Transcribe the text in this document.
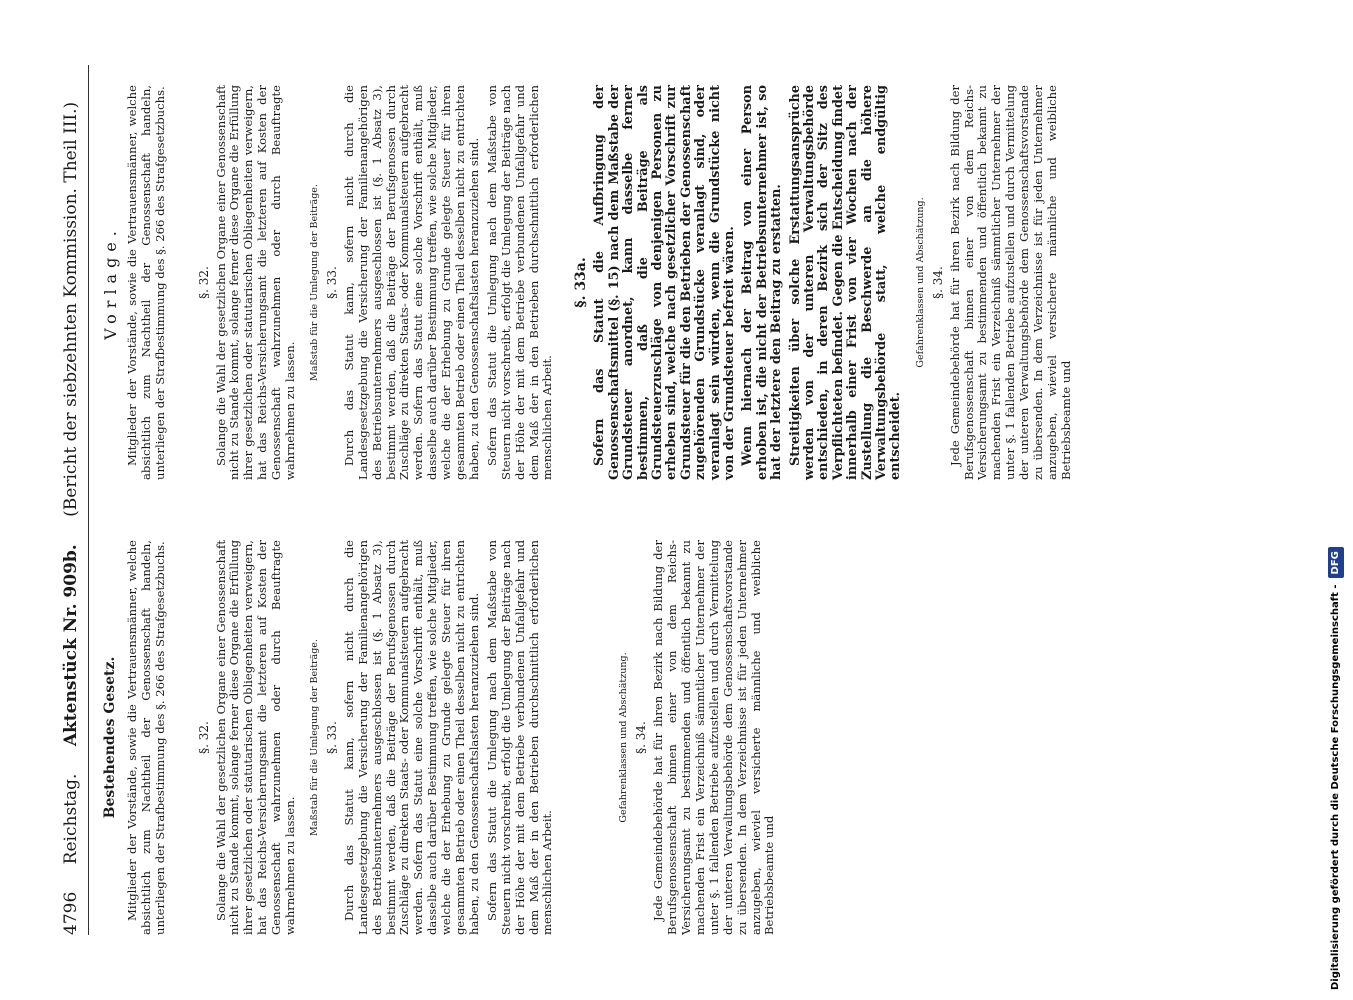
4796 Reichstag. Aktenstück Nr. 909b. (Bericht der siebzehnten Kommission. Theil III.)
Bestehendes Gesetz. Mitglieder der Vorstände, sowie die Vertrauensmänner, welche absichtlich zum Nachtheil der Genossenschaft handeln, unterliegen der Strafbestimmung des §. 266 des Strafgesetzbuchs. §. 32. Solange die Wahl der gesetzlichen Organe einer Genossenschaft nicht zu Stande kommt, solange ferner diese Organe die Erfüllung ihrer gesetzlichen oder statutarischen Obliegenheiten verweigern, hat das Reichs-Versicherungsamt die letzteren auf Kosten der Genossenschaft wahrzunehmen oder durch Beauftragte wahrnehmen zu lassen.

Maßstab für die Umlegung der Beiträge. §. 33. Durch das Statut kann, sofern nicht durch die Landesgesetzgebung die Versicherung der Familienangehörigen des Betriebsunternehmers ausgeschlossen ist (§. 1 Absatz 3), bestimmt werden, daß die Beiträge der Berufsgenossen durch Zuschläge zu direkten Staats- oder Kommunalsteuern aufgebracht werden. Sofern das Statut eine solche Vorschrift enthält, muß dasselbe auch darüber Bestimmung treffen, wie solche Mitglieder, welche die der Erhebung zu Grunde gelegte Steuer für ihren gesammten Betrieb oder einen Theil desselben nicht zu entrichten haben, zu den Genossenschaftslasten heranzuziehen sind. Sofern das Statut die Umlegung nach dem Maßstabe von Steuern nicht vorschreibt, erfolgt die Umlegung der Beiträge nach der Höhe der mit dem Betriebe verbundenen Unfallgefahr und dem Maß der in den Betrieben durchschnittlich erforderlichen menschlichen Arbeit.

Gefahrenklassen und Abschätzung. §. 34. Jede Gemeindebehörde hat für ihren Bezirk nach Bildung der Berufsgenossenschaft binnen einer von dem Reichs-Versicherungsamt zu bestimmenden und öffentlich bekannt zu machenden Frist ein Verzeichniß sämmtlicher Unternehmer der unter §. 1 fallenden Betriebe aufzustellen und durch Vermittelung der unteren Verwaltungsbehörde dem Genossenschaftsvorstande zu übersenden. In dem Verzeichnisse ist für jeden Unternehmer anzugeben, wieviel versicherte männliche und weibliche Betriebsbeamte und

Vorlage. Mitglieder der Vorstände, sowie die Vertrauensmänner, welche absichtlich zum Nachtheil der Genossenschaft handeln, unterliegen der Strafbestimmung des §. 266 des Strafgesetzbuchs. §. 32. Solange die Wahl der gesetzlichen Organe einer Genossenschaft nicht zu Stande kommt, solange ferner diese Organe die Erfüllung ihrer gesetzlichen oder statutarischen Obliegenheiten verweigern, hat das Reichs-Versicherungsamt die letzteren auf Kosten der Genossenschaft wahrzunehmen oder durch Beauftragte wahrnehmen zu lassen.

Maßstab für die Umlegung der Beiträge. §. 33. Durch das Statut kann, sofern nicht durch die Landesgesetzgebung die Versicherung der Familienangehörigen des Betriebsunternehmers ausgeschlossen ist (§. 1 Absatz 3), bestimmt werden, daß die Beiträge der Berufsgenossen durch Zuschläge zu direkten Staats- oder Kommunalsteuern aufgebracht werden. Sofern das Statut eine solche Vorschrift enthält, muß dasselbe auch darüber Bestimmung treffen, wie solche Mitglieder, welche die der Erhebung zu Grunde gelegte Steuer für ihren gesammten Betrieb oder einen Theil desselben nicht zu entrichten haben, zu den Genossenschaftslasten heranzuziehen sind. Sofern das Statut die Umlegung nach dem Maßstabe von Steuern nicht vorschreibt, erfolgt die Umlegung der Beiträge nach der Höhe der mit dem Betriebe verbundenen Unfallgefahr und dem Maß der in den Betrieben durchschnittlich erforderlichen menschlichen Arbeit.

§. 33a. Sofern das Statut die Aufbringung der Genossenschaftsmittel (§. 15) nach dem Maßstabe der Grundsteuer anordnet, kann dasselbe ferner bestimmen, daß die Beiträge als Grundsteuerzuschläge von denjenigen Personen zu erheben sind, welche nach gesetzlicher Vorschrift zur Grundsteuer für die den Betrieben der Genossenschaft zugehörenden Grundstücke veranlagt sind, oder veranlagt sein würden, wenn die Grundstücke nicht von der Grundsteuer befreit wären. Wenn hiernach der Beitrag von einer Person erhoben ist, die nicht der Betriebsunternehmer ist, so hat der letztere den Beitrag zu erstatten. Streitigkeiten über solche Erstattungsansprüche werden von der unteren Verwaltungsbehörde entschieden, in deren Bezirk sich der Sitz des Verpflichteten befindet. Gegen die Entscheidung findet innerhalb einer Frist von vier Wochen nach der Zustellung die Beschwerde an die höhere Verwaltungsbehörde statt, welche endgültig entscheidet.

Gefahrenklassen und Abschätzung. §. 34. Jede Gemeindebehörde hat für ihren Bezirk nach Bildung der Berufsgenossenschaft binnen einer von dem Reichs-Versicherungsamt zu bestimmenden und öffentlich bekannt zu machenden Frist ein Verzeichniß sämmtlicher Unternehmer der unter §. 1 fallenden Betriebe aufzustellen und durch Vermittelung der unteren Verwaltungsbehörde dem Genossenschaftsvorstande zu übersenden. In dem Verzeichnisse ist für jeden Unternehmer anzugeben, wieviel versicherte männliche und weibliche Betriebsbeamte und

Digitalisierung gefördert durch die Deutsche Forschungsgemeinschaft -DFG
